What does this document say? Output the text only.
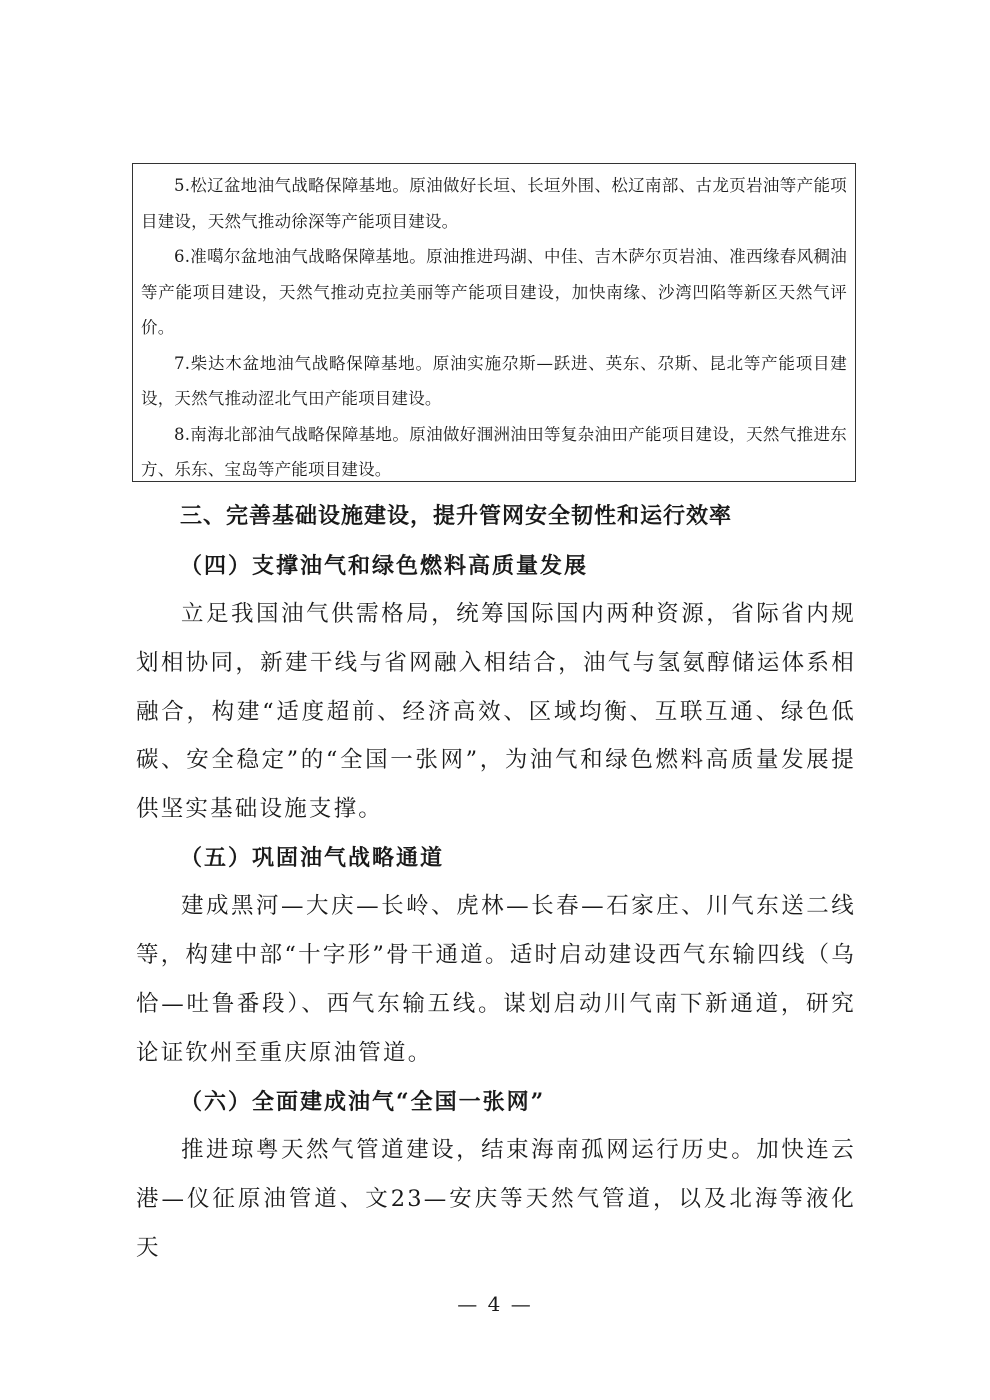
5.松辽盆地油气战略保障基地。原油做好长垣、长垣外围、松辽南部、古龙页岩油等产能项目建设，天然气推动徐深等产能项目建设。

6.准噶尔盆地油气战略保障基地。原油推进玛湖、中佳、吉木萨尔页岩油、准西缘春风稠油等产能项目建设，天然气推动克拉美丽等产能项目建设，加快南缘、沙湾凹陷等新区天然气评价。

7.柴达木盆地油气战略保障基地。原油实施尕斯—跃进、英东、尕斯、昆北等产能项目建设，天然气推动涩北气田产能项目建设。

8.南海北部油气战略保障基地。原油做好涠洲油田等复杂油田产能项目建设，天然气推进东方、乐东、宝岛等产能项目建设。

三、完善基础设施建设，提升管网安全韧性和运行效率

（四）支撑油气和绿色燃料高质量发展

立足我国油气供需格局，统筹国际国内两种资源，省际省内规划相协同，新建干线与省网融入相结合，油气与氢氨醇储运体系相融合，构建“适度超前、经济高效、区域均衡、互联互通、绿色低碳、安全稳定”的“全国一张网”，为油气和绿色燃料高质量发展提供坚实基础设施支撑。

（五）巩固油气战略通道

建成黑河—大庆—长岭、虎林—长春—石家庄、川气东送二线等，构建中部“十字形”骨干通道。适时启动建设西气东输四线（乌恰—吐鲁番段）、西气东输五线。谋划启动川气南下新通道，研究论证钦州至重庆原油管道。

（六）全面建成油气“全国一张网”

推进琼粤天然气管道建设，结束海南孤网运行历史。加快连云港—仪征原油管道、文23—安庆等天然气管道，以及北海等液化天

— 4 —
